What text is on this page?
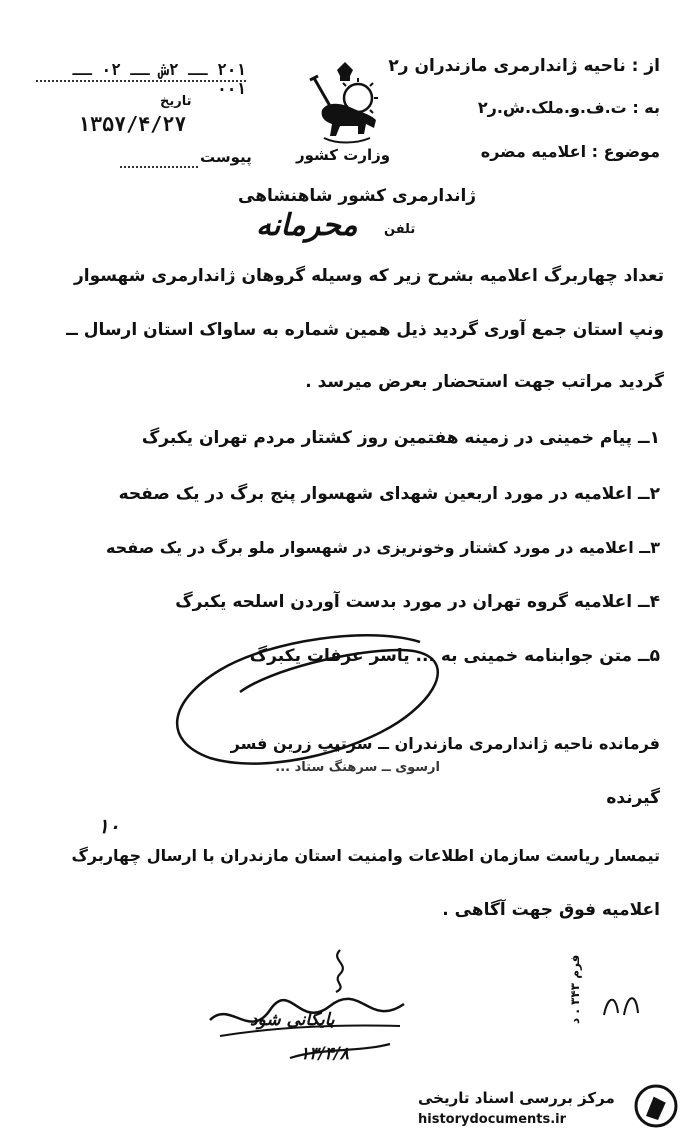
۲۰۱ ــ ۲ش ــ ۰۲ ــ ۰۰۱
تاریخ
۱۳۵۷/۴/۲۷
پیوست	وزارت کشور
ژاندارمری کشور شاهنشاهی
تلفن
محرمانه
از : ناحیه ژاندارمری مازندران ر۲
به : ت.ف.و.ملک.ش.ر۲
موضوع : اعلامیه مضره
تعداد چهاربرگ اعلامیه بشرح زیر که وسیله گروهان ژاندارمری شهسوار
ونپ استان جمع آوری گردید ذیل همین شماره به ساواک استان ارسال ــ
گردید مراتب جهت استحضار بعرض میرسد .
۱ــ پیام خمینی در زمینه هفتمین روز کشتار مردم تهران یکبرگ
۲ــ اعلامیه در مورد اربعین شهدای شهسوار پنج برگ در یک صفحه
۳ــ اعلامیه در مورد کشتار وخونریزی در شهسوار ملو برگ در یک صفحه
۴ــ اعلامیه گروه تهران در مورد بدست آوردن اسلحه یکبرگ
۵ــ متن جوابنامه خمینی به ... یاسر عرفات یکبرگ
فرمانده ناحیه ژاندارمری مازندران ــ سرتیپ زرین فسر
ارسوی ــ سرهنگ ستاد ...
گیرنده
۱۰
تیمسار ریاست سازمان اطلاعات وامنیت استان مازندران با ارسال چهاربرگ
اعلامیه فوق جهت آگاهی .
بایگانی شود
۱۳/۴/۸
فرم ۳۴۳ . د
مرکز بررسی اسناد تاریخی
historydocuments.ir
